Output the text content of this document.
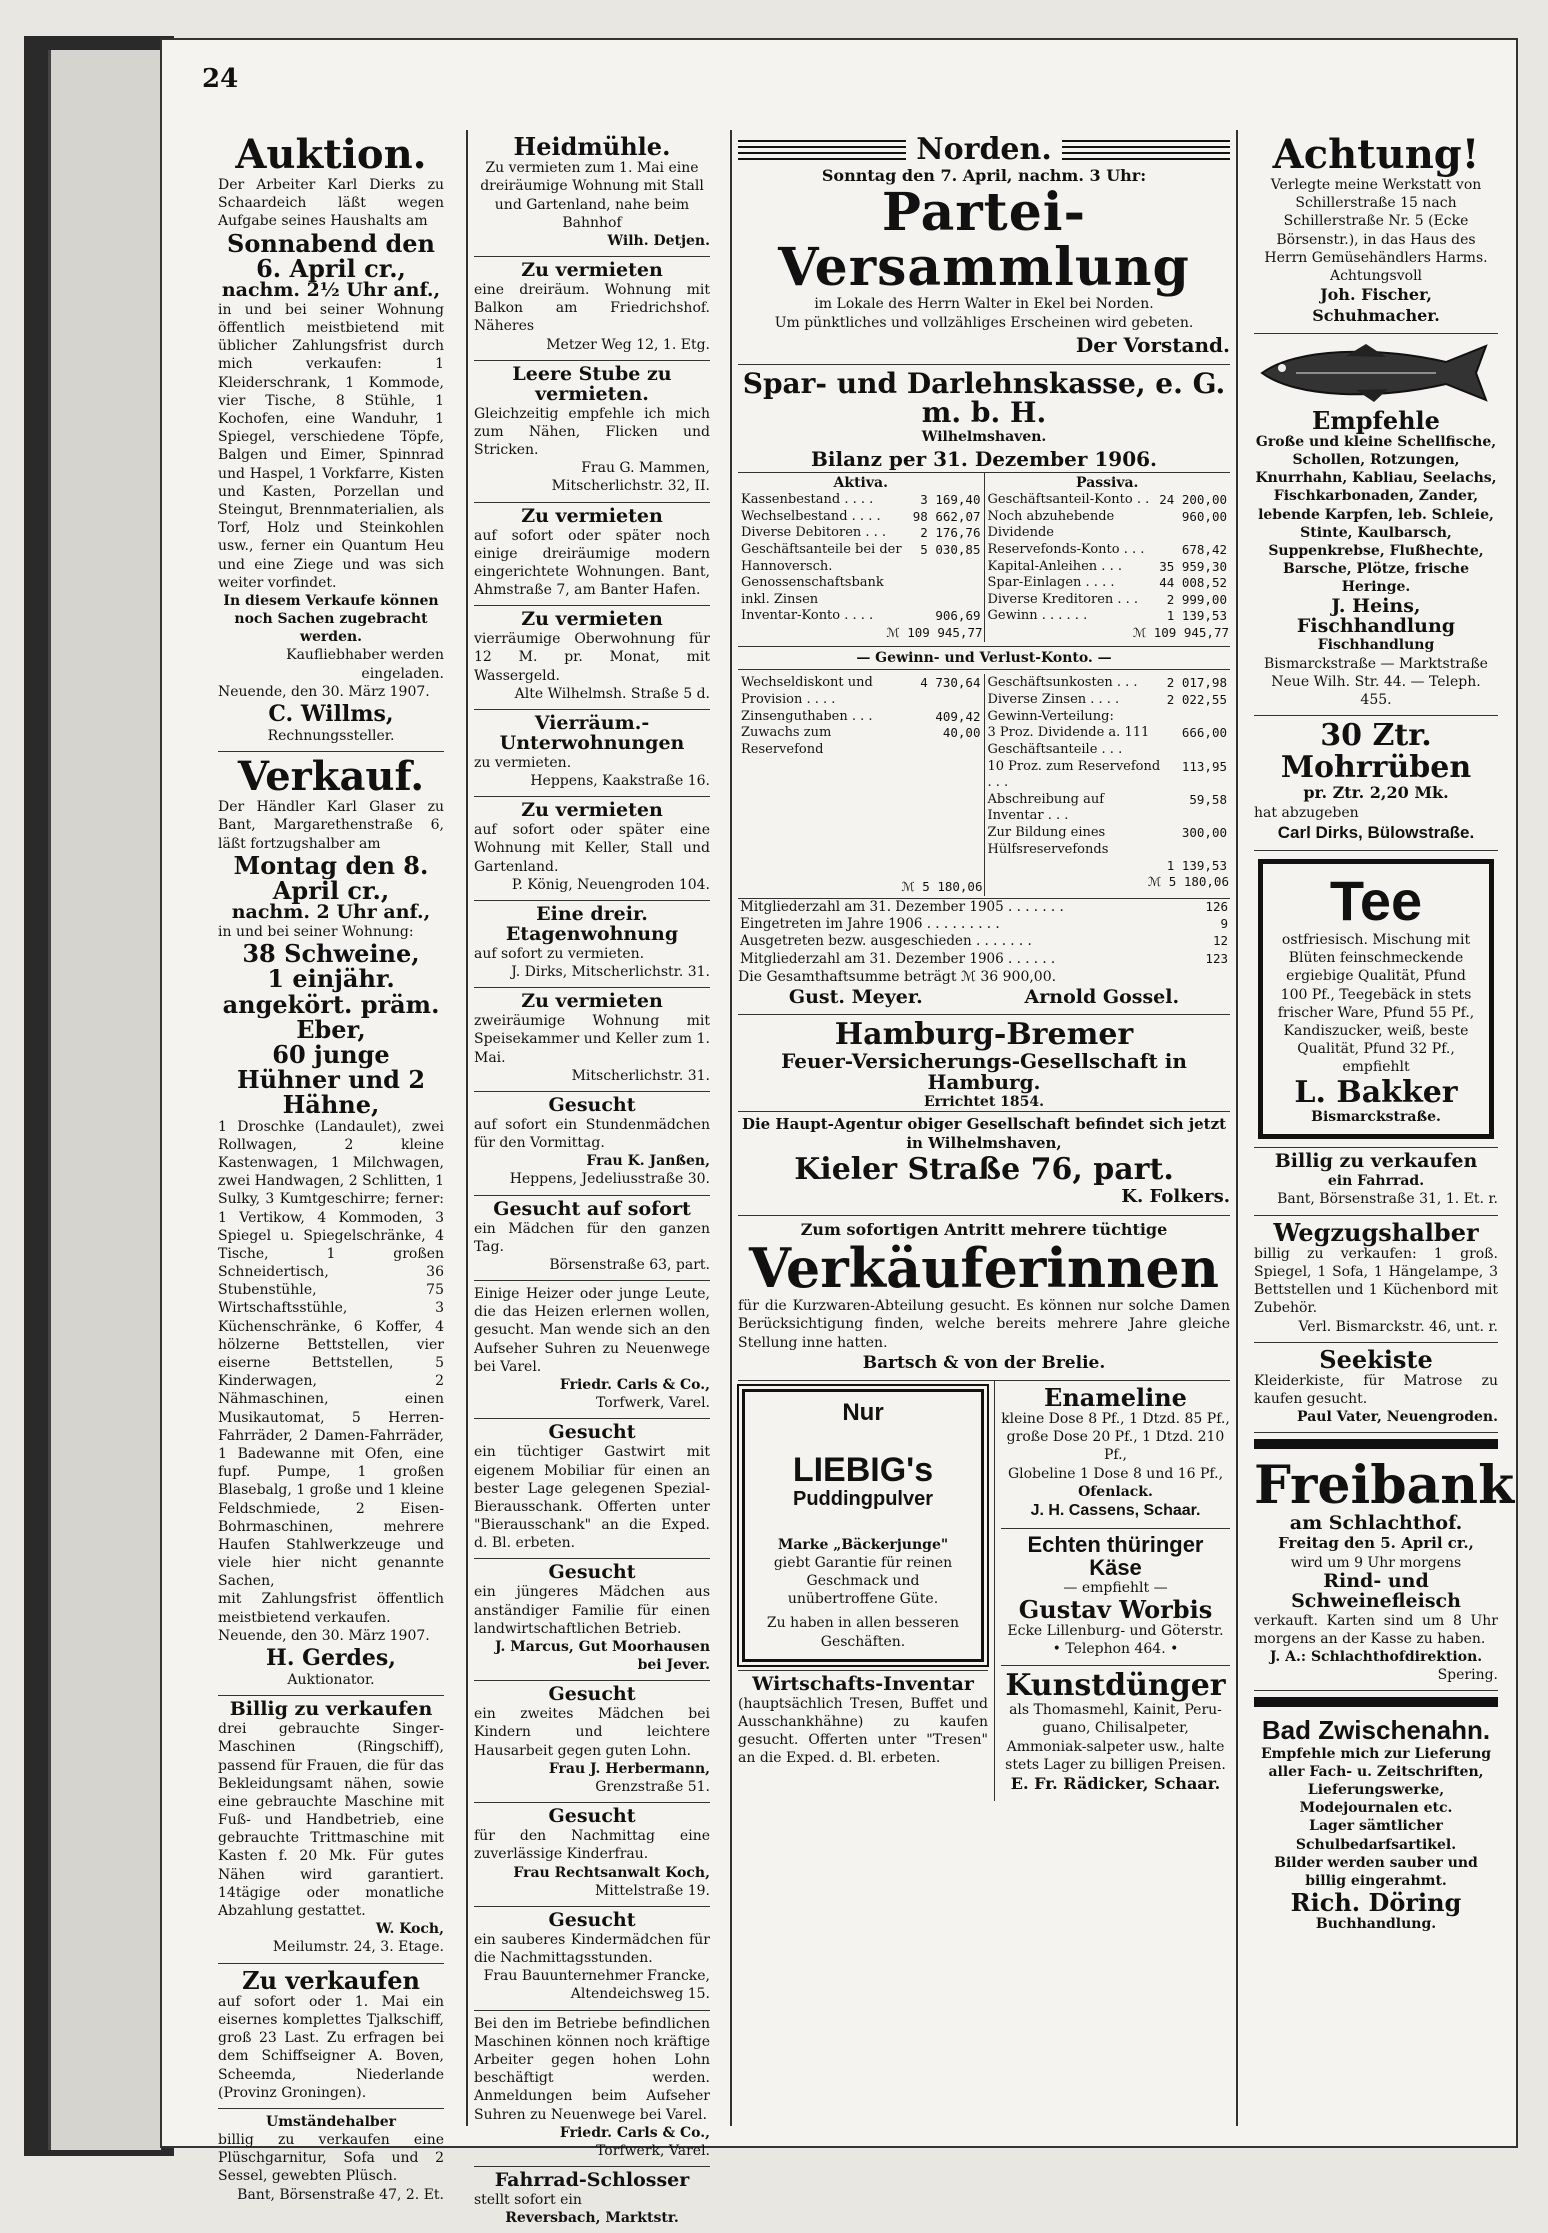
24
Auktion.
Der Arbeiter Karl Dierks zu Schaardeich läßt wegen Aufgabe seines Haushalts am
Sonnabend den 6. April cr.,
nachm. 2½ Uhr anf.,
in und bei seiner Wohnung öffentlich meistbietend mit üblicher Zahlungsfrist durch mich verkaufen: 1 Kleiderschrank, 1 Kommode, vier Tische, 8 Stühle, 1 Kochofen, eine Wanduhr, 1 Spiegel, verschiedene Töpfe, Balgen und Eimer, Spinnrad und Haspel, 1 Vorkfarre, Kisten und Kasten, Porzellan und Steingut, Brennmaterialien, als Torf, Holz und Steinkohlen usw., ferner ein Quantum Heu und eine Ziege und was sich weiter vorfindet.
In diesem Verkaufe können noch Sachen zugebracht werden.
Kaufliebhaber werden eingeladen.
Neuende, den 30. März 1907.
C. Willms,
Rechnungssteller.
Verkauf.
Der Händler Karl Glaser zu Bant, Margarethenstraße 6, läßt fortzugshalber am
Montag den 8. April cr.,
nachm. 2 Uhr anf.,
in und bei seiner Wohnung:
38 Schweine,
1 einjähr. angekört. präm. Eber,
60 junge Hühner und 2 Hähne,
1 Droschke (Landaulet), zwei Rollwagen, 2 kleine Kastenwagen, 1 Milchwagen, zwei Handwagen, 2 Schlitten, 1 Sulky, 3 Kumtgeschirre; ferner: 1 Vertikow, 4 Kommoden, 3 Spiegel u. Spiegelschränke, 4 Tische, 1 großen Schneidertisch, 36 Stubenstühle, 75 Wirtschaftsstühle, 3 Küchenschränke, 6 Koffer, 4 hölzerne Bettstellen, vier eiserne Bettstellen, 5 Kinderwagen, 2 Nähmaschinen, einen Musikautomat, 5 Herren-Fahrräder, 2 Damen-Fahrräder, 1 Badewanne mit Ofen, eine fupf. Pumpe, 1 großen Blasebalg, 1 große und 1 kleine Feldschmiede, 2 Eisen-Bohrmaschinen, mehrere Haufen Stahlwerkzeuge und viele hier nicht genannte Sachen,
mit Zahlungsfrist öffentlich meistbietend verkaufen.
Neuende, den 30. März 1907.
H. Gerdes,
Auktionator.
Billig zu verkaufen
drei gebrauchte Singer-Maschinen (Ringschiff), passend für Frauen, die für das Bekleidungsamt nähen, sowie eine gebrauchte Maschine mit Fuß- und Handbetrieb, eine gebrauchte Trittmaschine mit Kasten f. 20 Mk. Für gutes Nähen wird garantiert. 14tägige oder monatliche Abzahlung gestattet.
W. Koch,
Meilumstr. 24, 3. Etage.
Zu verkaufen
auf sofort oder 1. Mai ein eisernes komplettes Tjalkschiff, groß 23 Last. Zu erfragen bei dem Schiffseigner A. Boven, Scheemda, Niederlande (Provinz Groningen).
Umständehalber
billig zu verkaufen eine Plüschgarnitur, Sofa und 2 Sessel, gewebten Plüsch.
Bant, Börsenstraße 47, 2. Et.
Heidmühle.
Zu vermieten zum 1. Mai eine dreiräumige Wohnung mit Stall und Gartenland, nahe beim Bahnhof
Wilh. Detjen.
Zu vermieten
eine dreiräum. Wohnung mit Balkon am Friedrichshof. Näheres
Metzer Weg 12, 1. Etg.
Leere Stube zu vermieten.
Gleichzeitig empfehle ich mich zum Nähen, Flicken und Stricken.
Frau G. Mammen, Mitscherlichstr. 32, II.
Zu vermieten
auf sofort oder später noch einige dreiräumige modern eingerichtete Wohnungen. Bant, Ahmstraße 7, am Banter Hafen.
Zu vermieten
vierräumige Oberwohnung für 12 M. pr. Monat, mit Wassergeld.
Alte Wilhelmsh. Straße 5 d.
Vierräum.-Unterwohnungen
zu vermieten.
Heppens, Kaakstraße 16.
Zu vermieten
auf sofort oder später eine Wohnung mit Keller, Stall und Gartenland.
P. König, Neuengroden 104.
Eine dreir. Etagenwohnung
auf sofort zu vermieten.
J. Dirks, Mitscherlichstr. 31.
Zu vermieten
zweiräumige Wohnung mit Speisekammer und Keller zum 1. Mai.
Mitscherlichstr. 31.
Gesucht
auf sofort ein Stundenmädchen für den Vormittag.
Frau K. Janßen,
Heppens, Jedeliusstraße 30.
Gesucht auf sofort
ein Mädchen für den ganzen Tag.
Börsenstraße 63, part.
Einige Heizer oder junge Leute, die das Heizen erlernen wollen, gesucht. Man wende sich an den Aufseher Suhren zu Neuenwege bei Varel.
Friedr. Carls & Co.,
Torfwerk, Varel.
Gesucht
ein tüchtiger Gastwirt mit eigenem Mobiliar für einen an bester Lage gelegenen Spezial-Bierausschank. Offerten unter "Bierausschank" an die Exped. d. Bl. erbeten.
Gesucht
ein jüngeres Mädchen aus anständiger Familie für einen landwirtschaftlichen Betrieb.
J. Marcus, Gut Moorhausen bei Jever.
Gesucht
ein zweites Mädchen bei Kindern und leichtere Hausarbeit gegen guten Lohn.
Frau J. Herbermann,
Grenzstraße 51.
Gesucht
für den Nachmittag eine zuverlässige Kinderfrau.
Frau Rechtsanwalt Koch,
Mittelstraße 19.
Gesucht
ein sauberes Kindermädchen für die Nachmittagsstunden.
Frau Bauunternehmer Francke,
Altendeichsweg 15.
Bei den im Betriebe befindlichen Maschinen können noch kräftige Arbeiter gegen hohen Lohn beschäftigt werden. Anmeldungen beim Aufseher Suhren zu Neuenwege bei Varel.
Friedr. Carls & Co.,
Torfwerk, Varel.
Fahrrad-Schlosser
stellt sofort ein
Reversbach, Marktstr.
Norden.
Sonntag den 7. April, nachm. 3 Uhr:
Partei-Versammlung
im Lokale des Herrn Walter in Ekel bei Norden.
Um pünktliches und vollzähliges Erscheinen wird gebeten.
Der Vorstand.
Spar- und Darlehnskasse, e. G. m. b. H.
Wilhelmshaven.
Bilanz per 31. Dezember 1906.
Aktiva.
Kassenbestand . . . .	3 169,40
Wechselbestand . . . .	98 662,07
Diverse Debitoren . . .	2 176,76
Geschäftsanteile bei der Hannoversch. Genossenschaftsbank inkl. Zinsen	5 030,85
Inventar-Konto . . . .	906,69
ℳ 109 945,77

Passiva.
Geschäftsanteil-Konto . .	24 200,00
Noch abzuhebende Dividende	960,00
Reservefonds-Konto . . .	678,42
Kapital-Anleihen . . .	35 959,30
Spar-Einlagen . . . .	44 008,52
Diverse Kreditoren . . .	2 999,00
Gewinn . . . . . .	1 139,53
ℳ 109 945,77
— Gewinn- und Verlust-Konto. —
Wechseldiskont und Provision . . . .	4 730,64
Zinsenguthaben . . .	409,42
Zuwachs zum Reservefond	40,00
ℳ 5 180,06

Geschäftsunkosten . . .	2 017,98
Diverse Zinsen . . . .	2 022,55
Gewinn-Verteilung:	
3 Proz. Dividende a. 111 Geschäftsanteile . . .	666,00
10 Proz. zum Reservefond . . .	113,95
Abschreibung auf Inventar . . .	59,58
Zur Bildung eines Hülfsreservefonds	300,00
	1 139,53
ℳ 5 180,06
Mitgliederzahl am 31. Dezember 1905 . . . . . . .	126
Eingetreten im Jahre 1906 . . . . . . . . .	9
Ausgetreten bezw. ausgeschieden . . . . . . .	12
Mitgliederzahl am 31. Dezember 1906 . . . . . .	123
Die Gesamthaftsumme beträgt ℳ 36 900,00.
Gust. Meyer.	Arnold Gossel.
Hamburg-Bremer
Feuer-Versicherungs-Gesellschaft in Hamburg.
Errichtet 1854.
Die Haupt-Agentur obiger Gesellschaft befindet sich jetzt in Wilhelmshaven,
Kieler Straße 76, part.
K. Folkers.
Zum sofortigen Antritt mehrere tüchtige
Verkäuferinnen
für die Kurzwaren-Abteilung gesucht. Es können nur solche Damen Berücksichtigung finden, welche bereits mehrere Jahre gleiche Stellung inne hatten.
Bartsch & von der Brelie.
Nur
LIEBIG's
Puddingpulver
Marke „Bäckerjunge"
giebt Garantie für reinen Geschmack und unübertroffene Güte.
Zu haben in allen besseren Geschäften.
Wirtschafts-Inventar
(hauptsächlich Tresen, Buffet und Ausschankhähne) zu kaufen gesucht. Offerten unter "Tresen" an die Exped. d. Bl. erbeten.
Enameline
kleine Dose 8 Pf., 1 Dtzd. 85 Pf.,
große Dose 20 Pf., 1 Dtzd. 210 Pf.,
Globeline 1 Dose 8 und 16 Pf.,
Ofenlack.
J. H. Cassens, Schaar.
Echten thüringer Käse
— empfiehlt —
Gustav Worbis
Ecke Lillenburg- und Göterstr.
• Telephon 464. •
Kunstdünger
als Thomasmehl, Kainit, Peru-guano, Chilisalpeter, Ammoniak-salpeter usw., halte stets Lager zu billigen Preisen.
E. Fr. Rädicker, Schaar.
Achtung!
Verlegte meine Werkstatt von Schillerstraße 15 nach Schillerstraße Nr. 5 (Ecke Börsenstr.), in das Haus des Herrn Gemüsehändlers Harms. Achtungsvoll
Joh. Fischer, Schuhmacher.
Empfehle
Große und kleine Schellfische, Schollen, Rotzungen, Knurrhahn, Kabliau, Seelachs, Fischkarbonaden, Zander, lebende Karpfen, leb. Schleie, Stinte, Kaulbarsch, Suppenkrebse, Flußhechte, Barsche, Plötze, frische Heringe.
J. Heins, Fischhandlung
Fischhandlung
Bismarckstraße — Marktstraße
Neue Wilh. Str. 44. — Teleph. 455.
30 Ztr. Mohrrüben
pr. Ztr. 2,20 Mk.
hat abzugeben
Carl Dirks, Bülowstraße.
Tee
ostfriesisch. Mischung mit Blüten feinschmeckende ergiebige Qualität, Pfund 100 Pf., Teegebäck in stets frischer Ware, Pfund 55 Pf., Kandiszucker, weiß, beste Qualität, Pfund 32 Pf.,
empfiehlt
L. Bakker
Bismarckstraße.
Billig zu verkaufen
ein Fahrrad.
Bant, Börsenstraße 31, 1. Et. r.
Wegzugshalber
billig zu verkaufen: 1 groß. Spiegel, 1 Sofa, 1 Hängelampe, 3 Bettstellen und 1 Küchenbord mit Zubehör.
Verl. Bismarckstr. 46, unt. r.
Seekiste
Kleiderkiste, für Matrose zu kaufen gesucht.
Paul Vater, Neuengroden.
Freibank
am Schlachthof.
Freitag den 5. April cr.,
wird um 9 Uhr morgens
Rind- und Schweinefleisch
verkauft. Karten sind um 8 Uhr morgens an der Kasse zu haben.
J. A.: Schlachthofdirektion.
Spering.
Bad Zwischenahn.
Empfehle mich zur Lieferung aller Fach- u. Zeitschriften, Lieferungswerke, Modejournalen etc.
Lager sämtlicher Schulbedarfsartikel.
Bilder werden sauber und billig eingerahmt.
Rich. Döring
Buchhandlung.
